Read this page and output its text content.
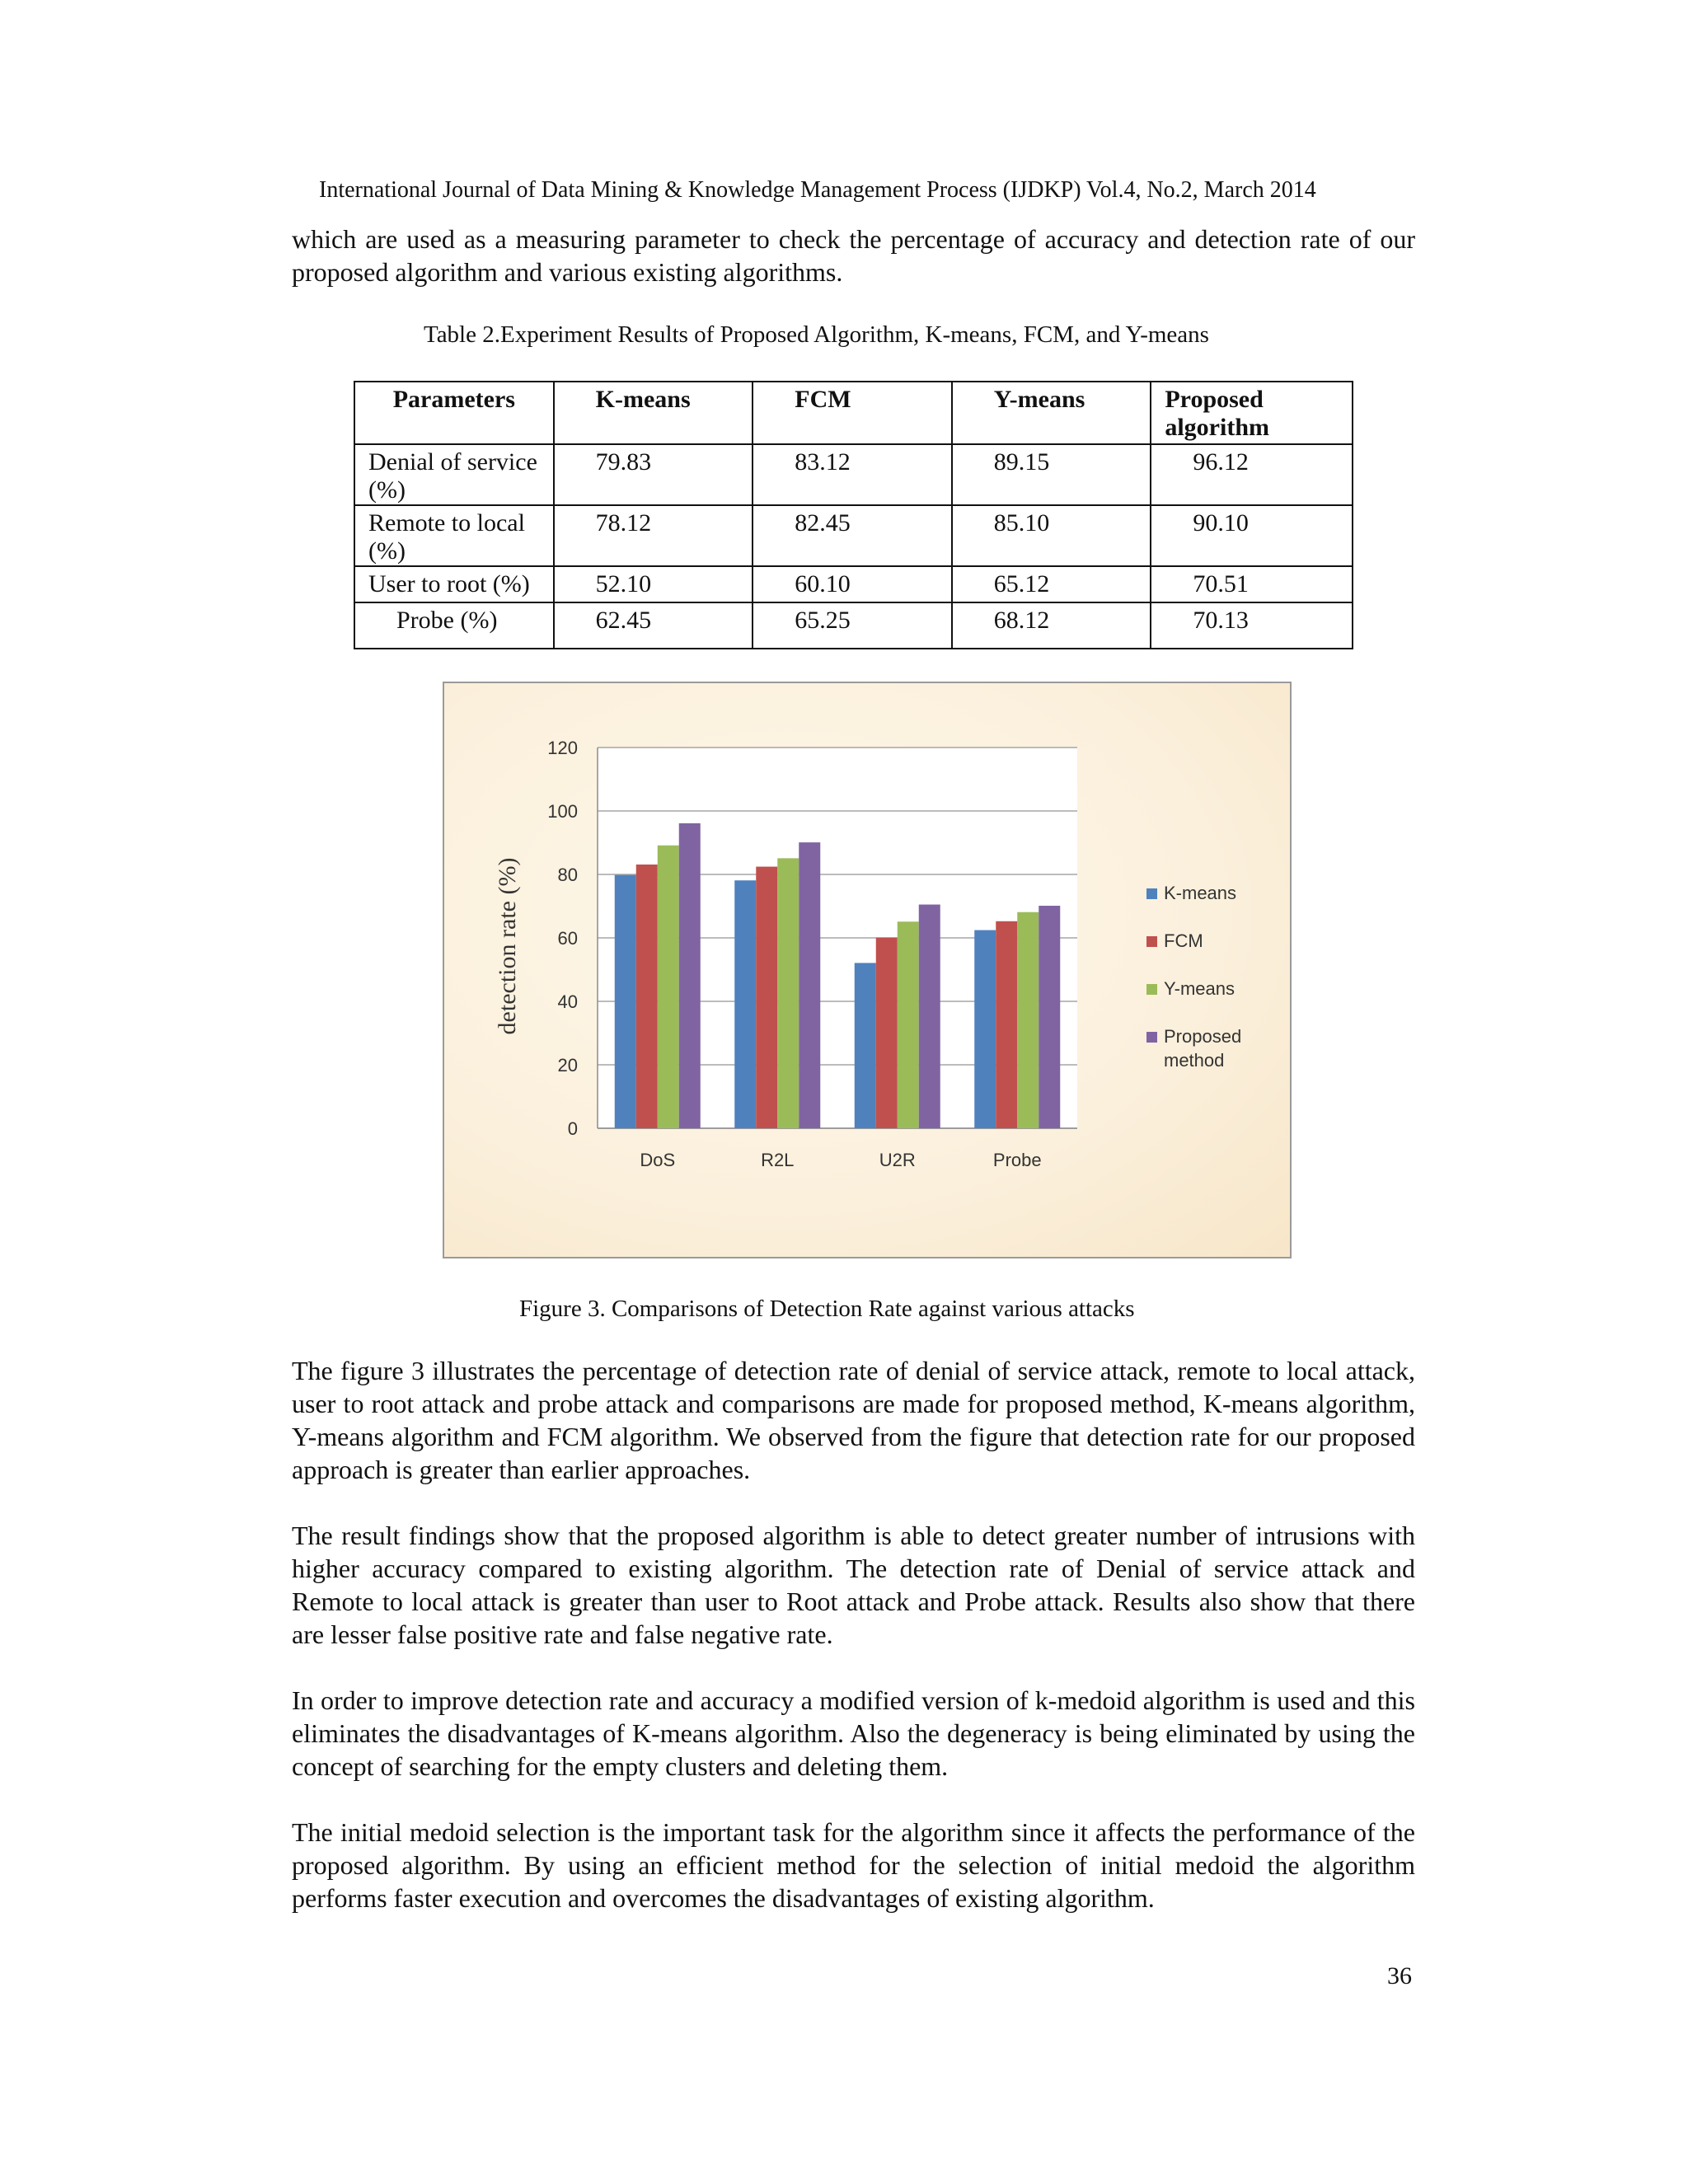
International Journal of Data Mining & Knowledge Management Process (IJDKP) Vol.4, No.2, March 2014

which are used as a measuring parameter to check the percentage of accuracy and detection rate of our proposed algorithm and various existing algorithms.

Table 2.Experiment Results of Proposed Algorithm, K-means, FCM, and Y-means
Parameters	K-means	FCM	Y-means	Proposed algorithm
Denial of service (%)	79.83	83.12	89.15	96.12
Remote to local (%)	78.12	82.45	85.10	90.10
User to root (%)	52.10	60.10	65.12	70.51
Probe (%)	62.45	65.25	68.12	70.13
0
20
40
60
80
100
120
DoS	R2L	U2R	Probe
detection rate (%)	K-means
FCM
Y-means
Proposed method
Figure 3. Comparisons of Detection Rate against various attacks

The figure 3 illustrates the percentage of detection rate of denial of service attack, remote to local attack, user to root attack and probe attack and comparisons are made for proposed method, K-means algorithm, Y-means algorithm and FCM algorithm. We observed from the figure that detection rate for our proposed approach is greater than earlier approaches.

The result findings show that the proposed algorithm is able to detect greater number of intrusions with higher accuracy compared to existing algorithm. The detection rate of Denial of service attack and Remote to local attack is greater than user to Root attack and Probe attack. Results also show that there are lesser false positive rate and false negative rate.

In order to improve detection rate and accuracy a modified version of k-medoid algorithm is used and this eliminates the disadvantages of K-means algorithm. Also the degeneracy is being eliminated by using the concept of searching for the empty clusters and deleting them.

The initial medoid selection is the important task for the algorithm since it affects the performance of the proposed algorithm. By using an efficient method for the selection of initial medoid the algorithm performs faster execution and overcomes the disadvantages of existing algorithm.

36
